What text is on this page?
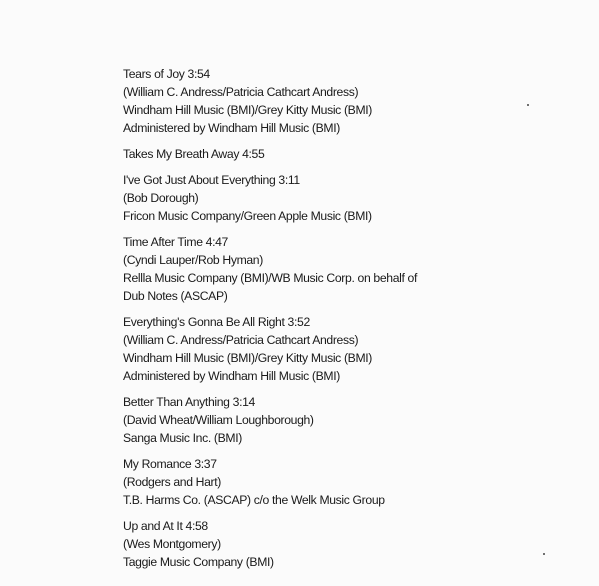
Tears of Joy 3:54
(William C. Andress/Patricia Cathcart Andress)
Windham Hill Music (BMI)/Grey Kitty Music (BMI)
Administered by Windham Hill Music (BMI)
Takes My Breath Away 4:55
I've Got Just About Everything 3:11
(Bob Dorough)
Fricon Music Company/Green Apple Music (BMI)
Time After Time 4:47
(Cyndi Lauper/Rob Hyman)
Rellla Music Company (BMI)/WB Music Corp. on behalf of
Dub Notes (ASCAP)
Everything's Gonna Be All Right 3:52
(William C. Andress/Patricia Cathcart Andress)
Windham Hill Music (BMI)/Grey Kitty Music (BMI)
Administered by Windham Hill Music (BMI)
Better Than Anything 3:14
(David Wheat/William Loughborough)
Sanga Music Inc. (BMI)
My Romance 3:37
(Rodgers and Hart)
T.B. Harms Co. (ASCAP) c/o the Welk Music Group
Up and At It 4:58
(Wes Montgomery)
Taggie Music Company (BMI)
